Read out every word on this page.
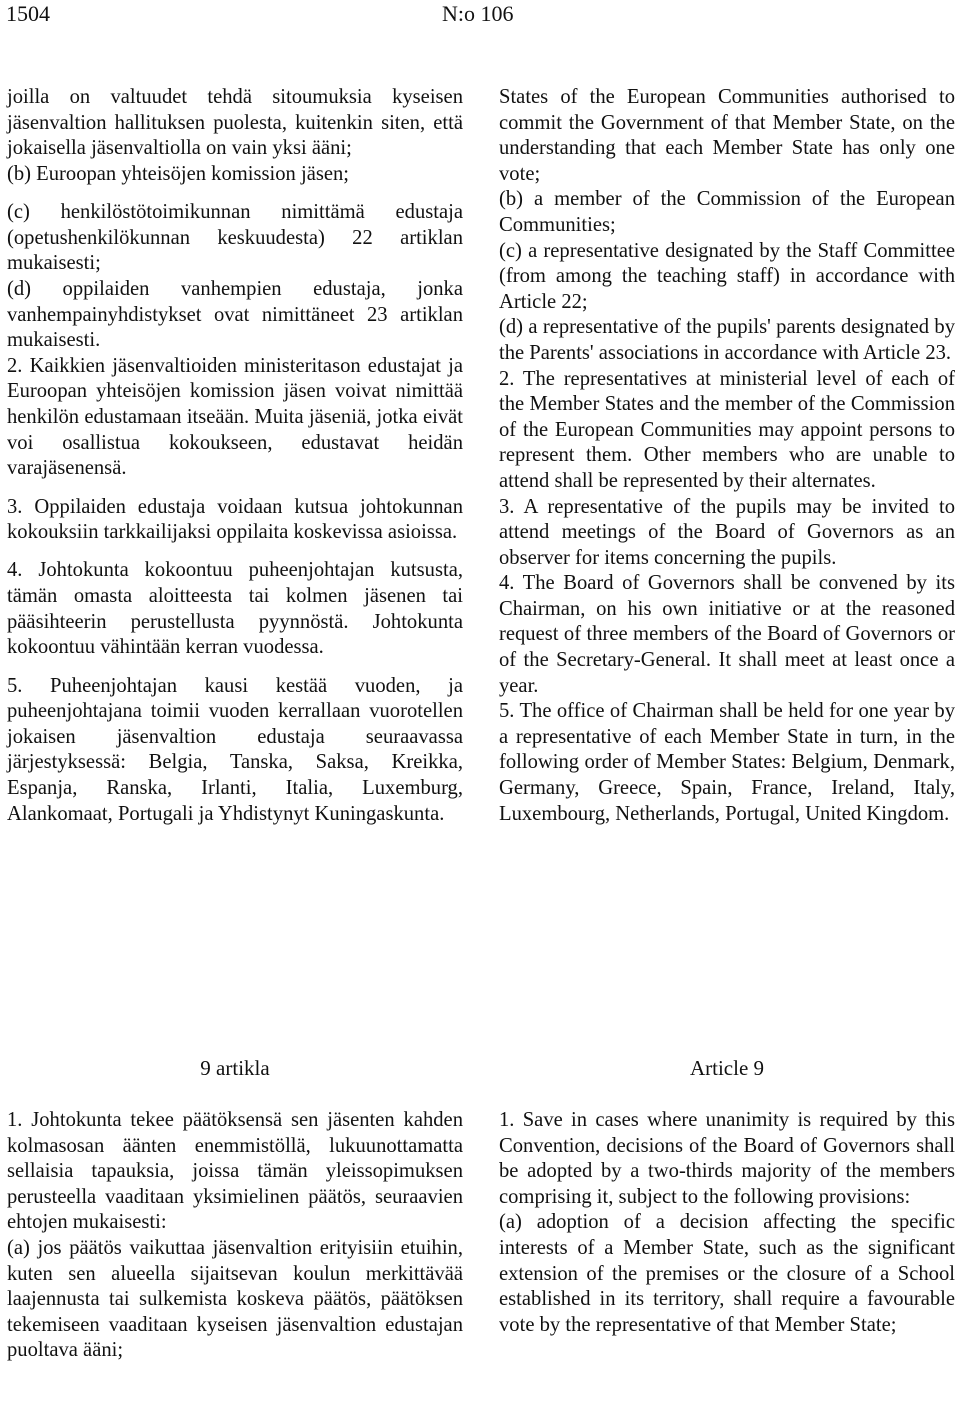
1504	N:o 106

joilla on valtuudet tehdä sitoumuksia kyseisen jäsenvaltion hallituksen puolesta, kuitenkin siten, että jokaisella jäsenvaltiolla on vain yksi ääni;

(b) Euroopan yhteisöjen komission jäsen;

(c) henkilöstötoimikunnan nimittämä edustaja (opetushenkilökunnan keskuudesta) 22 artiklan mukaisesti;

(d) oppilaiden vanhempien edustaja, jonka vanhempainyhdistykset ovat nimittäneet 23 artiklan mukaisesti.

2. Kaikkien jäsenvaltioiden ministeritason edustajat ja Euroopan yhteisöjen komission jäsen voivat nimittää henkilön edustamaan itseään. Muita jäseniä, jotka eivät voi osallistua kokoukseen, edustavat heidän varajäsenensä.

3. Oppilaiden edustaja voidaan kutsua johtokunnan kokouksiin tarkkailijaksi oppilaita koskevissa asioissa.

4. Johtokunta kokoontuu puheenjohtajan kutsusta, tämän omasta aloitteesta tai kolmen jäsenen tai pääsihteerin perustellusta pyynnöstä. Johtokunta kokoontuu vähintään kerran vuodessa.

5. Puheenjohtajan kausi kestää vuoden, ja puheenjohtajana toimii vuoden kerrallaan vuorotellen jokaisen jäsenvaltion edustaja seuraavassa järjestyksessä: Belgia, Tanska, Saksa, Kreikka, Espanja, Ranska, Irlanti, Italia, Luxemburg, Alankomaat, Portugali ja Yhdistynyt Kuningaskunta.

States of the European Communities authorised to commit the Government of that Member State, on the understanding that each Member State has only one vote;

(b) a member of the Commission of the European Communities;

(c) a representative designated by the Staff Committee (from among the teaching staff) in accordance with Article 22;

(d) a representative of the pupils' parents designated by the Parents' associations in accordance with Article 23.

2. The representatives at ministerial level of each of the Member States and the member of the Commission of the European Communities may appoint persons to represent them. Other members who are unable to attend shall be represented by their alternates.

3. A representative of the pupils may be invited to attend meetings of the Board of Governors as an observer for items concerning the pupils.

4. The Board of Governors shall be convened by its Chairman, on his own initiative or at the reasoned request of three members of the Board of Governors or of the Secretary-General. It shall meet at least once a year.

5. The office of Chairman shall be held for one year by a representative of each Member State in turn, in the following order of Member States: Belgium, Denmark, Germany, Greece, Spain, France, Ireland, Italy, Luxembourg, Netherlands, Portugal, United Kingdom.

9 artikla	Article 9

1. Johtokunta tekee päätöksensä sen jäsenten kahden kolmasosan äänten enemmistöllä, lukuunottamatta sellaisia tapauksia, joissa tämän yleissopimuksen perusteella vaaditaan yksimielinen päätös, seuraavien ehtojen mukaisesti:

(a) jos päätös vaikuttaa jäsenvaltion erityisiin etuihin, kuten sen alueella sijaitsevan koulun merkittävää laajennusta tai sulkemista koskeva päätös, päätöksen tekemiseen vaaditaan kyseisen jäsenvaltion edustajan puoltava ääni;

1. Save in cases where unanimity is required by this Convention, decisions of the Board of Governors shall be adopted by a two-thirds majority of the members comprising it, subject to the following provisions:

(a) adoption of a decision affecting the specific interests of a Member State, such as the significant extension of the premises or the closure of a School established in its territory, shall require a favourable vote by the representative of that Member State;
